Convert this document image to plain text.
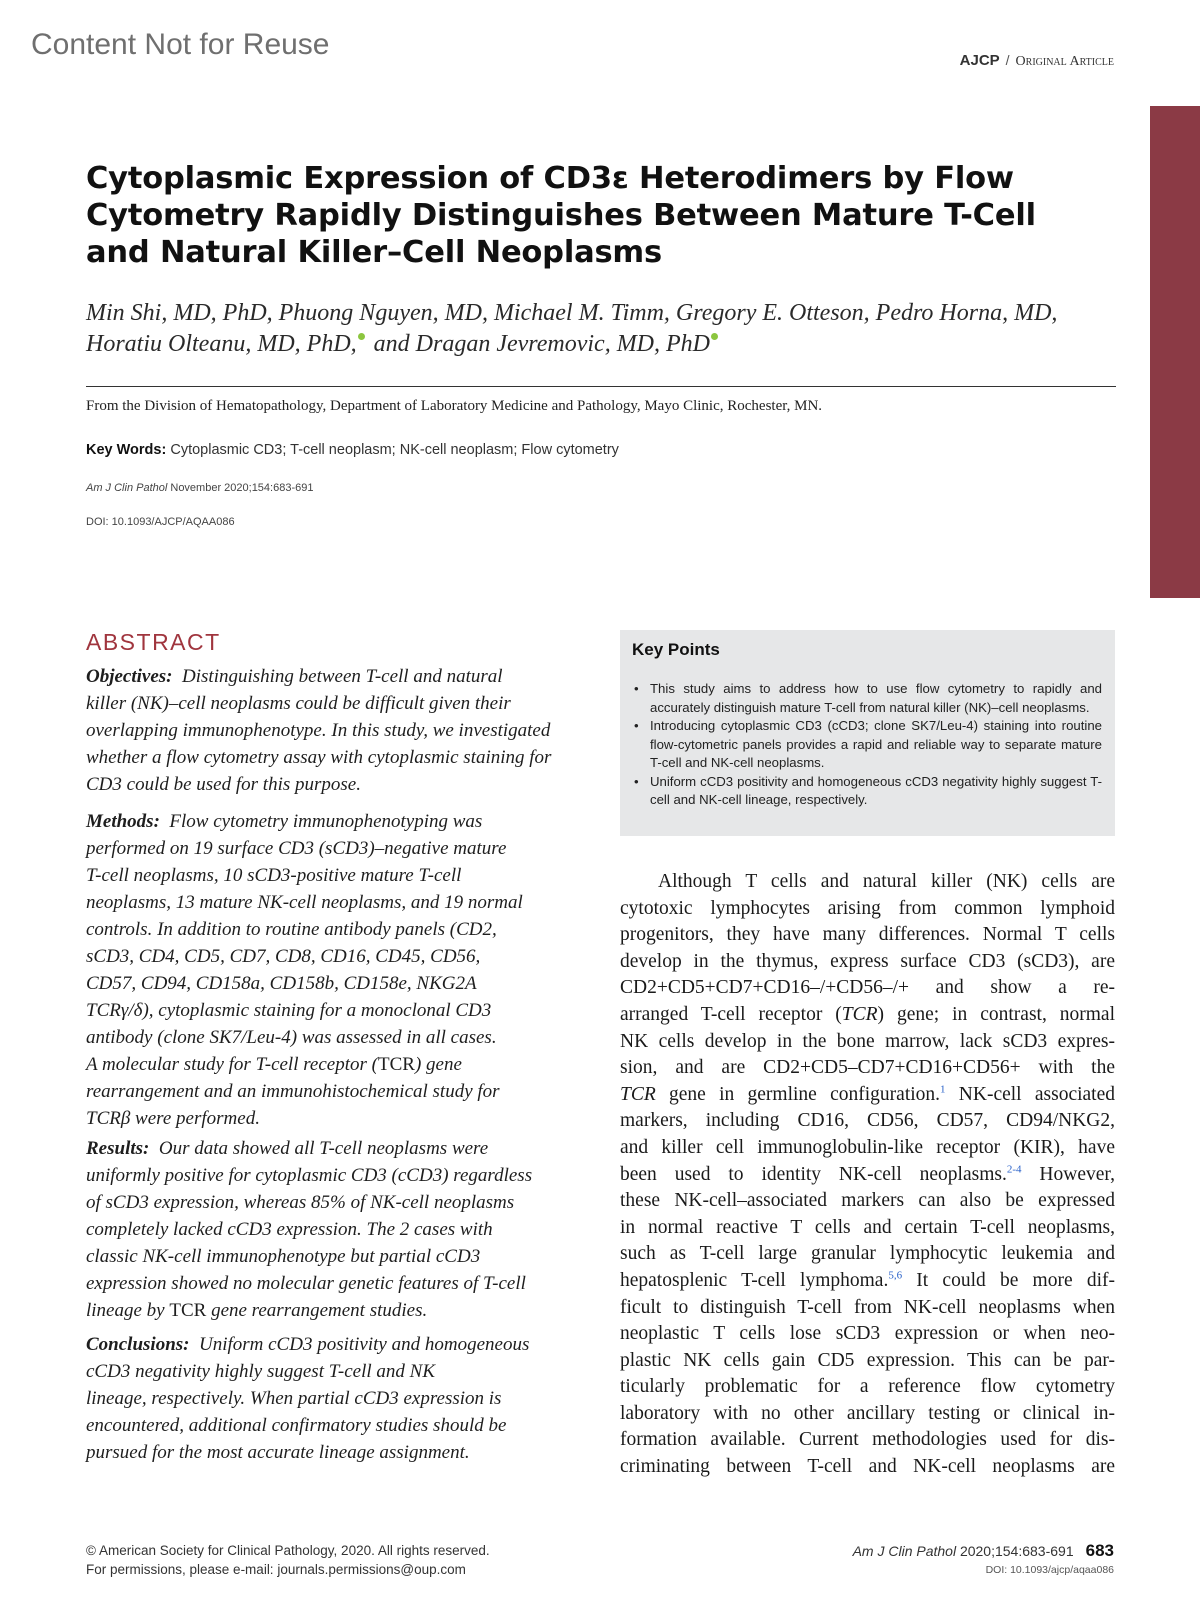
Content Not for Reuse	AJCP / Original Article
Cytoplasmic Expression of CD3ε Heterodimers by Flow
Cytometry Rapidly Distinguishes Between Mature T-Cell
and Natural Killer–Cell Neoplasms
Min Shi, MD, PhD, Phuong Nguyen, MD, Michael M. Timm, Gregory E. Otteson, Pedro Horna, MD,
Horatiu Olteanu, MD, PhD, and Dragan Jevremovic, MD, PhD
From the Division of Hematopathology, Department of Laboratory Medicine and Pathology, Mayo Clinic, Rochester, MN.
Key Words: Cytoplasmic CD3; T-cell neoplasm; NK-cell neoplasm; Flow cytometry
Am J Clin Pathol November 2020;154:683-691
DOI: 10.1093/AJCP/AQAA086
ABSTRACT
Objectives: Distinguishing between T-cell and natural
killer (NK)–cell neoplasms could be difficult given their
overlapping immunophenotype. In this study, we investigated
whether a flow cytometry assay with cytoplasmic staining for
CD3 could be used for this purpose.
Methods: Flow cytometry immunophenotyping was
performed on 19 surface CD3 (sCD3)–negative mature
T-cell neoplasms, 10 sCD3-positive mature T-cell
neoplasms, 13 mature NK-cell neoplasms, and 19 normal
controls. In addition to routine antibody panels (CD2,
sCD3, CD4, CD5, CD7, CD8, CD16, CD45, CD56,
CD57, CD94, CD158a, CD158b, CD158e, NKG2A
TCRγ/δ), cytoplasmic staining for a monoclonal CD3
antibody (clone SK7/Leu-4) was assessed in all cases.
A molecular study for T-cell receptor (TCR) gene
rearrangement and an immunohistochemical study for
TCRβ were performed.
Results: Our data showed all T-cell neoplasms were
uniformly positive for cytoplasmic CD3 (cCD3) regardless
of sCD3 expression, whereas 85% of NK-cell neoplasms
completely lacked cCD3 expression. The 2 cases with
classic NK-cell immunophenotype but partial cCD3
expression showed no molecular genetic features of T-cell
lineage by TCR gene rearrangement studies.
Conclusions: Uniform cCD3 positivity and homogeneous
cCD3 negativity highly suggest T-cell and NK
lineage, respectively. When partial cCD3 expression is
encountered, additional confirmatory studies should be
pursued for the most accurate lineage assignment.
Key Points
• This study aims to address how to use flow cytometry to rapidly and accurately distinguish mature T-cell from natural killer (NK)–cell neoplasms.
• Introducing cytoplasmic CD3 (cCD3; clone SK7/Leu-4) staining into routine flow-cytometric panels provides a rapid and reliable way to separate mature T-cell and NK-cell neoplasms.
• Uniform cCD3 positivity and homogeneous cCD3 negativity highly suggest T-cell and NK-cell lineage, respectively.
Although T cells and natural killer (NK) cells are
cytotoxic lymphocytes arising from common lymphoid
progenitors, they have many differences. Normal T cells
develop in the thymus, express surface CD3 (sCD3), are
CD2+CD5+CD7+CD16–/+CD56–/+ and show a re-
arranged T-cell receptor (TCR) gene; in contrast, normal
NK cells develop in the bone marrow, lack sCD3 expres-
sion, and are CD2+CD5–CD7+CD16+CD56+ with the
TCR gene in germline configuration.$^1$ NK-cell associated
markers, including CD16, CD56, CD57, CD94/NKG2,
and killer cell immunoglobulin-like receptor (KIR), have
been used to identity NK-cell neoplasms.$^{2-4}$ However,
these NK-cell–associated markers can also be expressed
in normal reactive T cells and certain T-cell neoplasms,
such as T-cell large granular lymphocytic leukemia and
hepatosplenic T-cell lymphoma.$^{5,6}$ It could be more dif-
ficult to distinguish T-cell from NK-cell neoplasms when
neoplastic T cells lose sCD3 expression or when neo-
plastic NK cells gain CD5 expression. This can be par-
ticularly problematic for a reference flow cytometry
laboratory with no other ancillary testing or clinical in-
formation available. Current methodologies used for dis-
criminating between T-cell and NK-cell neoplasms are
© American Society for Clinical Pathology, 2020. All rights reserved.
For permissions, please e-mail: journals.permissions@oup.com
Am J Clin Pathol 2020;154:683-691 683
DOI: 10.1093/ajcp/aqaa086
